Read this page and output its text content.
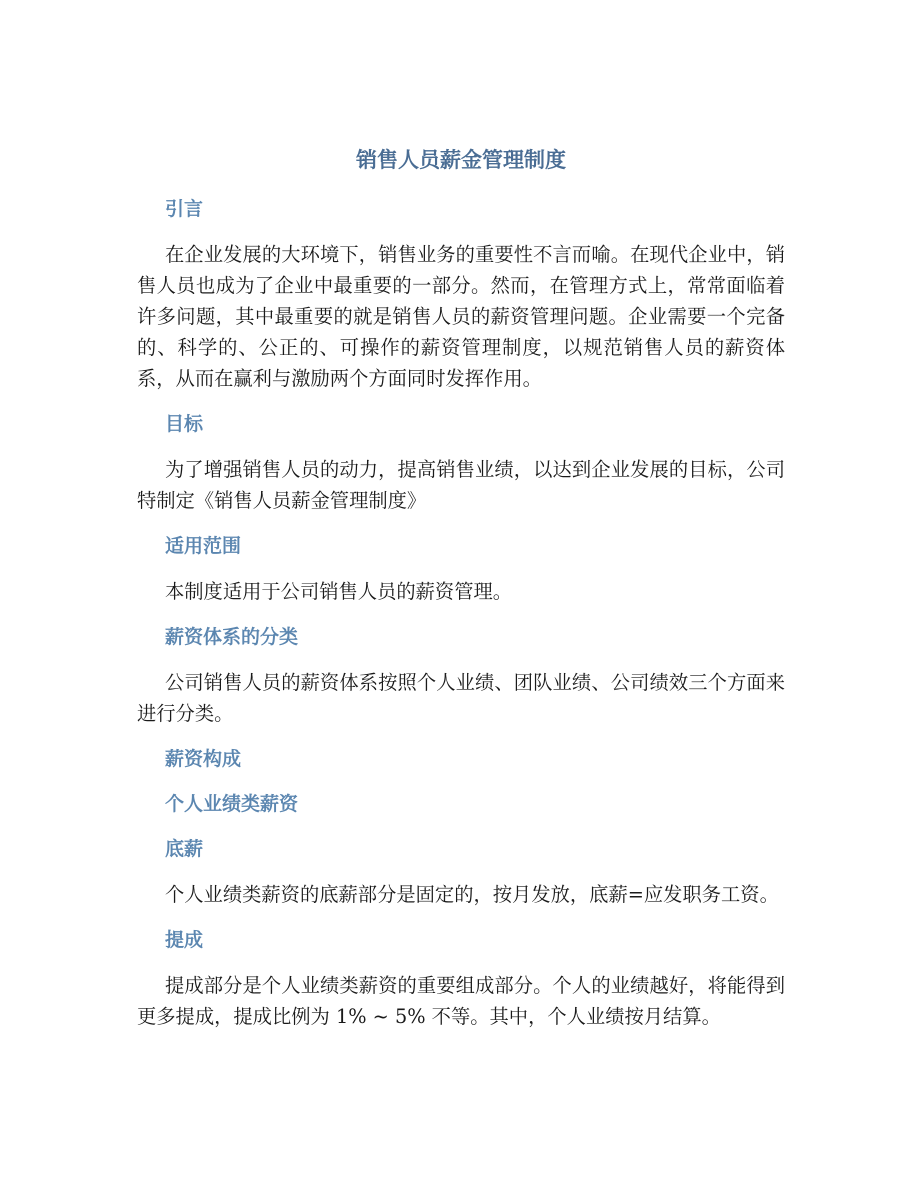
销售人员薪金管理制度
引言

在企业发展的大环境下，销售业务的重要性不言而喻。在现代企业中，销售人员也成为了企业中最重要的一部分。然而，在管理方式上，常常面临着许多问题，其中最重要的就是销售人员的薪资管理问题。企业需要一个完备的、科学的、公正的、可操作的薪资管理制度，以规范销售人员的薪资体系，从而在赢利与激励两个方面同时发挥作用。

目标

为了增强销售人员的动力，提高销售业绩，以达到企业发展的目标，公司特制定《销售人员薪金管理制度》

适用范围

本制度适用于公司销售人员的薪资管理。

薪资体系的分类

公司销售人员的薪资体系按照个人业绩、团队业绩、公司绩效三个方面来进行分类。

薪资构成
个人业绩类薪资
底薪

个人业绩类薪资的底薪部分是固定的，按月发放，底薪=应发职务工资。

提成

提成部分是个人业绩类薪资的重要组成部分。个人的业绩越好，将能得到更多提成，提成比例为 1% ~ 5% 不等。其中，个人业绩按月结算。
